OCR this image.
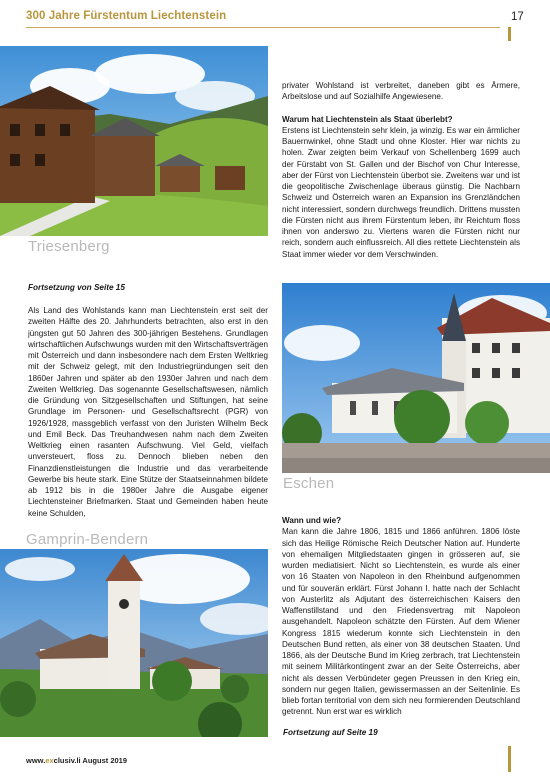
300 Jahre Fürstentum Liechtenstein	17
Triesenberg

privater Wohlstand ist verbreitet, daneben gibt es Ärmere, Arbeitslose und auf Sozialhilfe Angewiesene.

Warum hat Liechtenstein als Staat überlebt?

Erstens ist Liechtenstein sehr klein, ja winzig. Es war ein ärmlicher Bauernwinkel, ohne Stadt und ohne Kloster. Hier war nichts zu holen. Zwar zeigten beim Verkauf von Schellenberg 1699 auch der Fürstabt von St. Gallen und der Bischof von Chur Interesse, aber der Fürst von Liechtenstein überbot sie. Zweitens war und ist die geopolitische Zwischenlage überaus günstig. Die Nachbarn Schweiz und Österreich waren an Expansion ins Grenzländchen nicht interessiert, sondern durchwegs freundlich. Drittens mussten die Fürsten nicht aus ihrem Fürstentum leben, ihr Reichtum floss ihnen von anderswo zu. Viertens waren die Fürsten nicht nur reich, sondern auch einflussreich. All dies rettete Liechtenstein als Staat immer wieder vor dem Verschwinden.

Fortsetzung von Seite 15

Als Land des Wohlstands kann man Liechtenstein erst seit der zweiten Hälfte des 20. Jahrhunderts betrachten, also erst in den jüngsten gut 50 Jahren des 300-jährigen Bestehens. Grundlagen wirtschaftlichen Aufschwungs wurden mit den Wirtschaftsverträgen mit Österreich und dann insbesondere nach dem Ersten Weltkrieg mit der Schweiz gelegt, mit den Industriegründungen seit den 1860er Jahren und später ab den 1930er Jahren und nach dem Zweiten Weltkrieg. Das sogenannte Gesellschaftswesen, nämlich die Gründung von Sitzgesellschaften und Stiftungen, hat seine Grundlage im Personen- und Gesellschaftsrecht (PGR) von 1926/1928, massgeblich verfasst von den Juristen Wilhelm Beck und Emil Beck. Das Treuhandwesen nahm nach dem Zweiten Weltkrieg einen rasanten Aufschwung. Viel Geld, vielfach unversteuert, floss zu. Dennoch blieben neben den Finanzdienstleistungen die Industrie und das verarbeitende Gewerbe bis heute stark. Eine Stütze der Staatseinnahmen bildete ab 1912 bis in die 1980er Jahre die Ausgabe eigener Liechtensteiner Briefmarken. Staat und Gemeinden haben heute keine Schulden,

Eschen
Gamprin-Bendern

Wann und wie?

Man kann die Jahre 1806, 1815 und 1866 anführen. 1806 löste sich das Heilige Römische Reich Deutscher Nation auf. Hunderte von ehemaligen Mitgliedstaaten gingen in grösseren auf, sie wurden mediatisiert. Nicht so Liechtenstein, es wurde als einer von 16 Staaten von Napoleon in den Rheinbund aufgenommen und für souverän erklärt. Fürst Johann I. hatte nach der Schlacht von Austerlitz als Adjutant des österreichischen Kaisers den Waffenstillstand und den Friedensvertrag mit Napoleon ausgehandelt. Napoleon schätzte den Fürsten. Auf dem Wiener Kongress 1815 wiederum konnte sich Liechtenstein in den Deutschen Bund retten, als einer von 38 deutschen Staaten. Und 1866, als der Deutsche Bund im Krieg zerbrach, trat Liechtenstein mit seinem Militärkontingent zwar an der Seite Österreichs, aber nicht als dessen Verbündeter gegen Preussen in den Krieg ein, sondern nur gegen Italien, gewissermassen an der Seitenlinie. Es blieb fortan territorial von dem sich neu formierenden Deutschland getrennt. Nun erst war es wirklich

Fortsetzung auf Seite 19
www.exclusiv.li August 2019
